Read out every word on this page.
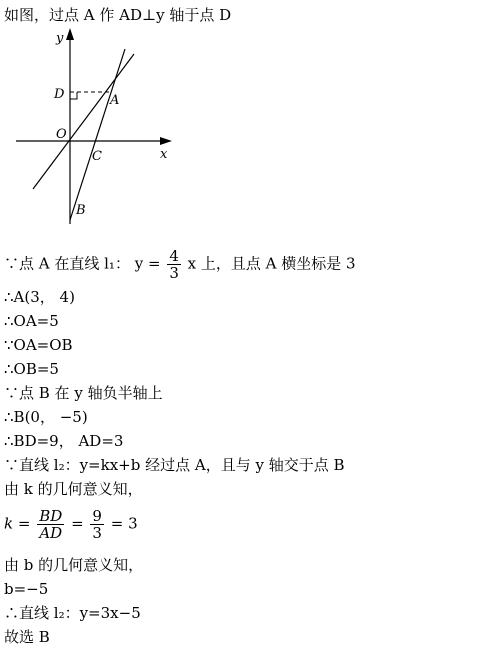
如图，过点 A 作 AD⊥y 轴于点 D
y
x
O
D	A
C
B
∵点 A 在直线 l₁： $y = \frac{4}{3}$ x 上，且点 A 横坐标是 3
∴A(3， 4)
∴OA=5
∵OA=OB
∴OB=5
∵点 B 在 y 轴负半轴上
∴B(0， −5)
∴BD=9， AD=3
∵直线 l₂：y=kx+b 经过点 A，且与 y 轴交于点 B
由 k 的几何意义知，
$k = \frac{BD}{AD} = \frac{9}{3} = 3$
由 b 的几何意义知，
b=−5
∴直线 l₂：y=3x−5
故选 B
